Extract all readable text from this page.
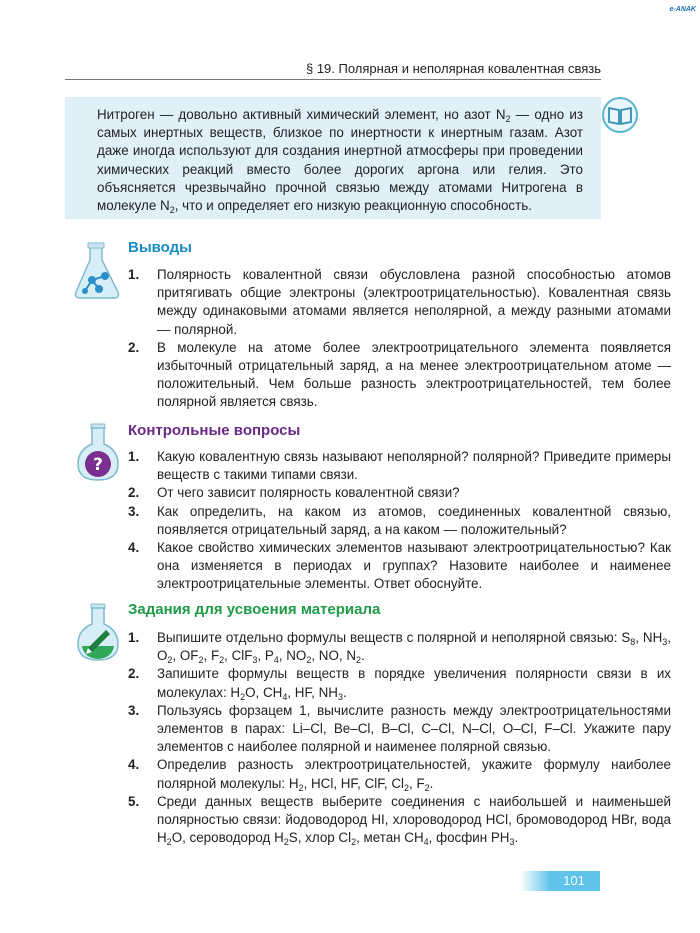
e-ANAK
§ 19. Полярная и неполярная ковалентная связь
Нитроген — довольно активный химический элемент, но азот $N_2$ — одно из самых инертных веществ, близкое по инертности к инертным газам. Азот даже иногда используют для создания инертной атмосферы при проведении химических реакций вместо более дорогих аргона или гелия. Это объясняется чрезвычайно прочной связью между атомами Нитрогена в молекуле $N_2$, что и определяет его низкую реакционную способность.
Выводы
1. Полярность ковалентной связи обусловлена разной способностью атомов притягивать общие электроны (электроотрицательностью). Ковалентная связь между одинаковыми атомами является неполярной, а между разными атомами — полярной.
2. В молекуле на атоме более электроотрицательного элемента появляется избыточный отрицательный заряд, а на менее электроотрицательном атоме — положительный. Чем больше разность электроотрицательностей, тем более полярной является связь.
?
Контрольные вопросы
1. Какую ковалентную связь называют неполярной? полярной? Приведите примеры веществ с такими типами связи.
2. От чего зависит полярность ковалентной связи?
3. Как определить, на каком из атомов, соединенных ковалентной связью, появляется отрицательный заряд, а на каком — положительный?
4. Какое свойство химических элементов называют электроотрицательностью? Как она изменяется в периодах и группах? Назовите наиболее и наименее электроотрицательные элементы. Ответ обоснуйте.
Задания для усвоения материала
1. Выпишите отдельно формулы веществ с полярной и неполярной связью: $S_8$, $NH_3$, $O_2$, $OF_2$, $F_2$, ClF$_3$, $P_4$, $NO_2$, NO, $N_2$.
2. Запишите формулы веществ в порядке увеличения полярности связи в их молекулах: $H_2O$, $CH_4$, HF, $NH_3$.
3. Пользуясь форзацем 1, вычислите разность между электроотрицательностями элементов в парах: Li–Cl, Be–Cl, B–Cl, C–Cl, N–Cl, O–Cl, F–Cl. Укажите пару элементов с наиболее полярной и наименее полярной связью.
4. Определив разность электроотрицательностей, укажите формулу наиболее полярной молекулы: $H_2$, HCl, HF, ClF, $Cl_2$, $F_2$.
5. Среди данных веществ выберите соединения с наибольшей и наименьшей полярностью связи: йодоводород HI, хлороводород HCl, бромоводород HBr, вода $H_2O$, сероводород $H_2S$, хлор $Cl_2$, метан $CH_4$, фосфин $PH_3$.
101
